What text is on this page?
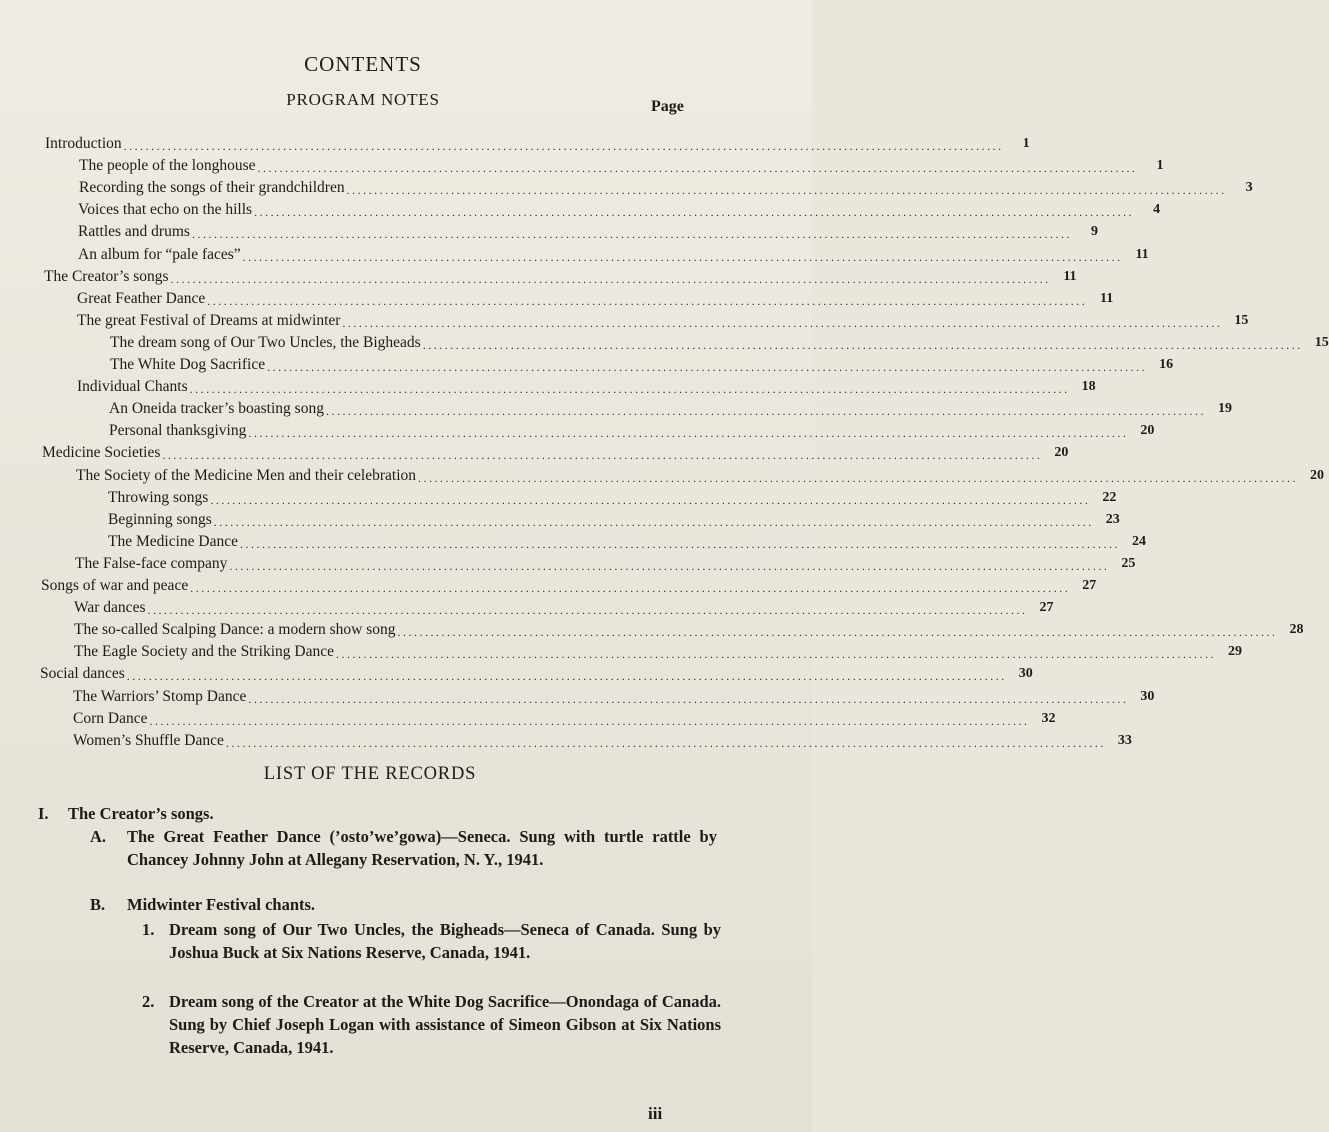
CONTENTS
PROGRAM NOTES	Page
Introduction ................................................................................................................................................................	1
The people of the longhouse ................................................................................................................................................................	1
Recording the songs of their grandchildren ................................................................................................................................................................	3
Voices that echo on the hills ................................................................................................................................................................	4
Rattles and drums ................................................................................................................................................................	9
An album for “pale faces” ................................................................................................................................................................ 11
The Creator’s songs ................................................................................................................................................................ 11
Great Feather Dance ................................................................................................................................................................ 11
The great Festival of Dreams at midwinter ................................................................................................................................................................ 15
The dream song of Our Two Uncles, the Bigheads ................................................................................................................................................................ 15
The White Dog Sacrifice ................................................................................................................................................................ 16
Individual Chants ................................................................................................................................................................ 18
An Oneida tracker’s boasting song ................................................................................................................................................................ 19
Personal thanksgiving ................................................................................................................................................................ 20
Medicine Societies ................................................................................................................................................................ 20
The Society of the Medicine Men and their celebration ................................................................................................................................................................ 20
Throwing songs ................................................................................................................................................................ 22
Beginning songs ................................................................................................................................................................ 23
The Medicine Dance ................................................................................................................................................................ 24
The False-face company ................................................................................................................................................................ 25
Songs of war and peace ................................................................................................................................................................ 27
War dances ................................................................................................................................................................ 27
The so-called Scalping Dance: a modern show song ................................................................................................................................................................ 28
The Eagle Society and the Striking Dance ................................................................................................................................................................ 29
Social dances ................................................................................................................................................................ 30
The Warriors’ Stomp Dance ................................................................................................................................................................ 30
Corn Dance ................................................................................................................................................................ 32
Women’s Shuffle Dance ................................................................................................................................................................ 33
LIST OF THE RECORDS
I.	The Creator’s songs.
A.	The Great Feather Dance (’osto’we’gowa)—Seneca. Sung with turtle rattle by Chancey Johnny John at Allegany Reservation, N. Y., 1941.
B.	Midwinter Festival chants.
1. Dream song of Our Two Uncles, the Bigheads—Seneca of Canada. Sung by Joshua Buck at Six Nations Reserve, Canada, 1941.
2. Dream song of the Creator at the White Dog Sacrifice—Onondaga of Canada. Sung by Chief Joseph Logan with assistance of Simeon Gibson at Six Nations Reserve, Canada, 1941.
iii
